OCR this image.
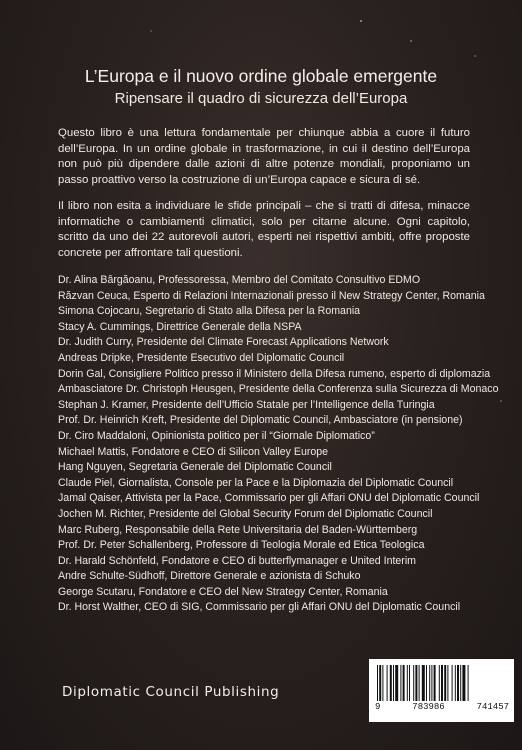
L’Europa e il nuovo ordine globale emergente
Ripensare il quadro di sicurezza dell’Europa

Questo libro è una lettura fondamentale per chiunque abbia a cuore il futuro dell’Europa. In un ordine globale in trasformazione, in cui il destino dell’Europa non può più dipendere dalle azioni di altre potenze mondiali, proponiamo un passo proattivo verso la costruzione di un’Europa capace e sicura di sé.

Il libro non esita a individuare le sfide principali – che si tratti di difesa, minacce informatiche o cambiamenti climatici, solo per citarne alcune. Ogni capitolo, scritto da uno dei 22 autorevoli autori, esperti nei rispettivi ambiti, offre proposte concrete per affrontare tali questioni.

Dr. Alina Bârgăoanu, Professoressa, Membro del Comitato Consultivo EDMO
Răzvan Ceuca, Esperto di Relazioni Internazionali presso il New Strategy Center, Romania
Simona Cojocaru, Segretario di Stato alla Difesa per la Romania
Stacy A. Cummings, Direttrice Generale della NSPA
Dr. Judith Curry, Presidente del Climate Forecast Applications Network
Andreas Dripke, Presidente Esecutivo del Diplomatic Council
Dorin Gal, Consigliere Politico presso il Ministero della Difesa rumeno, esperto di diplomazia
Ambasciatore Dr. Christoph Heusgen, Presidente della Conferenza sulla Sicurezza di Monaco
Stephan J. Kramer, Presidente dell’Ufficio Statale per l’Intelligence della Turingia
Prof. Dr. Heinrich Kreft, Presidente del Diplomatic Council, Ambasciatore (in pensione)
Dr. Ciro Maddaloni, Opinionista politico per il “Giornale Diplomatico”
Michael Mattis, Fondatore e CEO di Silicon Valley Europe
Hang Nguyen, Segretaria Generale del Diplomatic Council
Claude Piel, Giornalista, Console per la Pace e la Diplomazia del Diplomatic Council
Jamal Qaiser, Attivista per la Pace, Commissario per gli Affari ONU del Diplomatic Council
Jochen M. Richter, Presidente del Global Security Forum del Diplomatic Council
Marc Ruberg, Responsabile della Rete Universitaria del Baden-Württemberg
Prof. Dr. Peter Schallenberg, Professore di Teologia Morale ed Etica Teologica
Dr. Harald Schönfeld, Fondatore e CEO di butterflymanager e United Interim
Andre Schulte-Südhoff, Direttore Generale e azionista di Schuko
George Scutaru, Fondatore e CEO del New Strategy Center, Romania
Dr. Horst Walther, CEO di SIG, Commissario per gli Affari ONU del Diplomatic Council
Diplomatic Council Publishing
9	783986	741457
